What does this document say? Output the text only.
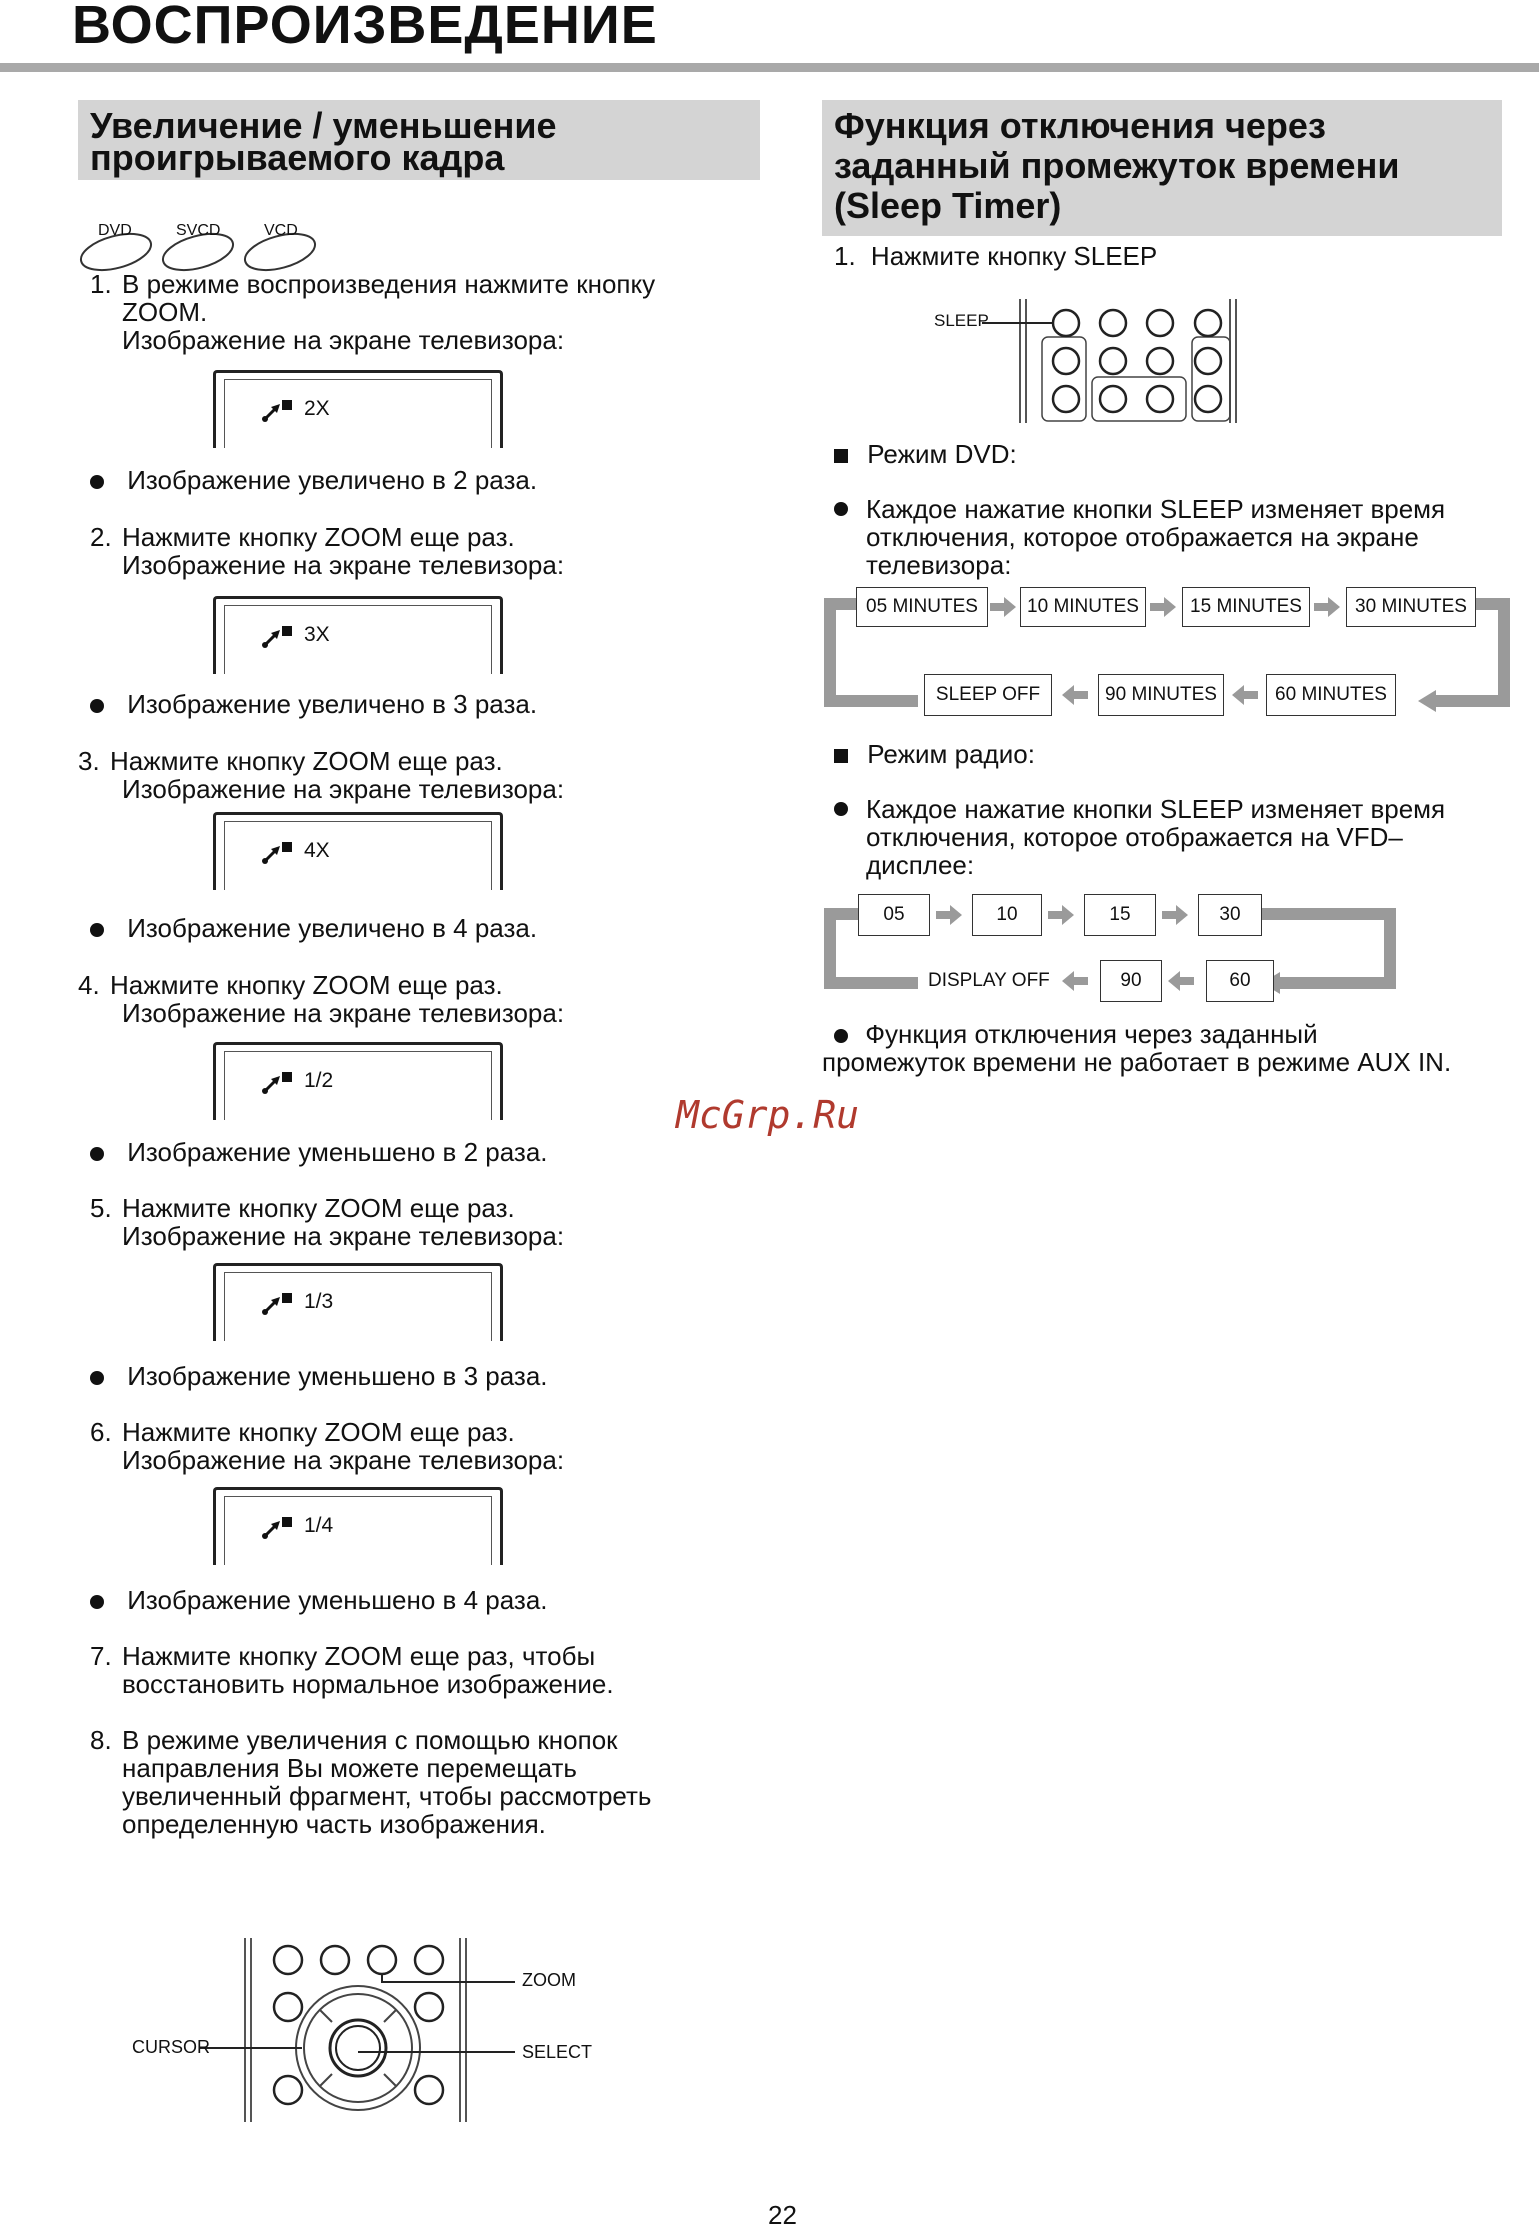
ВОСПРОИЗВЕДЕНИЕ
Увеличение / уменьшение
проигрываемого кадра
DVD	SVCD	VCD
1. В режиме воспроизведения нажмите кнопку
ZOOM.
Изображение на экране телевизора:
2X
Изображение увеличено в 2 раза.
2. Нажмите кнопку ZOOM еще раз.
Изображение на экране телевизора:
3X
Изображение увеличено в 3 раза.
3. Нажмите кнопку ZOOM еще раз.
Изображение на экране телевизора:
4X
Изображение увеличено в 4 раза.
4. Нажмите кнопку ZOOM еще раз.
Изображение на экране телевизора:
1/2
Изображение уменьшено в 2 раза.
5. Нажмите кнопку ZOOM еще раз.
Изображение на экране телевизора:
1/3
Изображение уменьшено в 3 раза.
6. Нажмите кнопку ZOOM еще раз.
Изображение на экране телевизора:
1/4
Изображение уменьшено в 4 раза.
7. Нажмите кнопку ZOOM еще раз, чтобы
восстановить нормальное изображение.
8. В режиме увеличения с помощью кнопок
направления Вы можете перемещать
увеличенный фрагмент, чтобы рассмотреть
определенную часть изображения.
ZOOM
CURSOR	SELECT
Функция отключения через
заданный промежуток времени
(Sleep Timer)
1. Нажмите кнопку SLEEP
SLEEP
Режим DVD:
Каждое нажатие кнопки SLEEP изменяет время
отключения, которое отображается на экране
телевизора:
05 MINUTES	10 MINUTES	15 MINUTES	30 MINUTES
60 MINUTES
90 MINUTES
SLEEP OFF
Режим радио:
Каждое нажатие кнопки SLEEP изменяет время
отключения, которое отображается на VFD–
дисплее:
05	10	15	30
60
90
DISPLAY OFF
Функция отключения через заданный
промежуток времени не работает в режиме AUX IN.
McGrp.Ru
22
